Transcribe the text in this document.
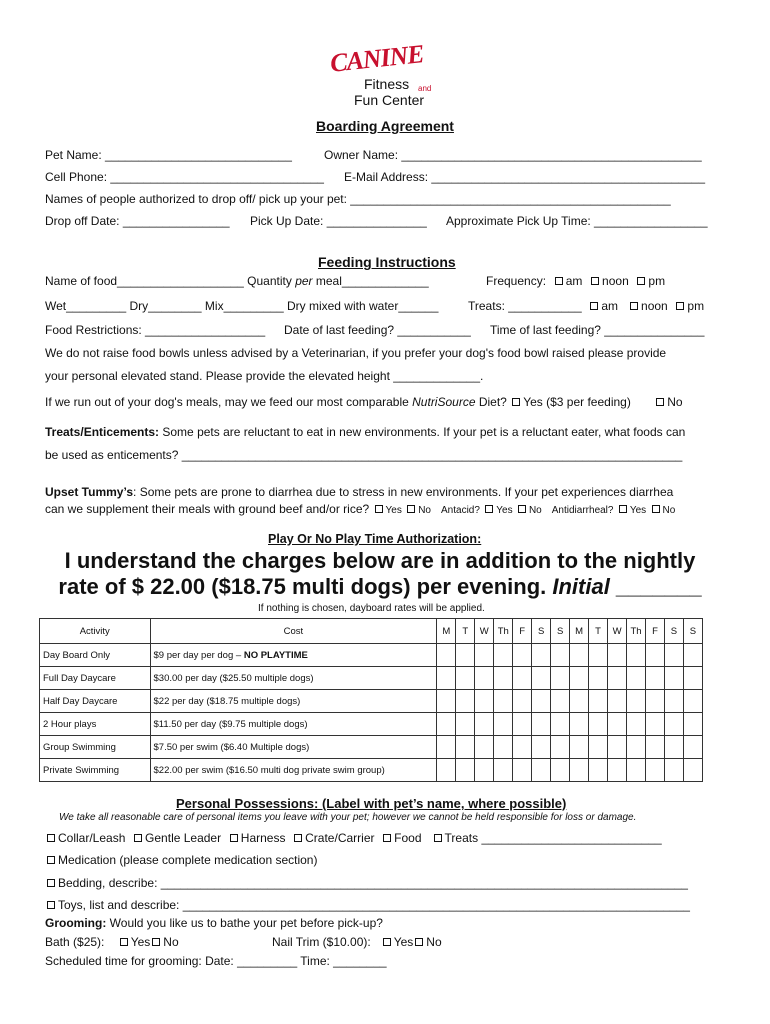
CANINE
Fitness and
Fun Center
Boarding Agreement
Pet Name: ____________________________	Owner Name: _____________________________________________
Cell Phone: ________________________________ E-Mail Address: _________________________________________
Names of people authorized to drop off/ pick up your pet: ________________________________________________
Drop off Date: ________________ Pick Up Date: _______________ Approximate Pick Up Time: _________________
Feeding Instructions
Name of food___________________ Quantity per meal_____________	Frequency: am noon pm
Wet_________ Dry________ Mix_________ Dry mixed with water______ Treats: ___________ am noon pm
Food Restrictions: __________________ Date of last feeding? ___________ Time of last feeding? _______________
We do not raise food bowls unless advised by a Veterinarian, if you prefer your dog's food bowl raised please provide
your personal elevated stand. Please provide the elevated height _____________.
If we run out of your dog's meals, may we feed our most comparable NutriSource Diet? Yes ($3 per feeding)	No
Treats/Enticements: Some pets are reluctant to eat in new environments. If your pet is a reluctant eater, what foods can
be used as enticements? ___________________________________________________________________________
Upset Tummy’s: Some pets are prone to diarrhea due to stress in new environments. If your pet experiences diarrhea
can we supplement their meals with ground beef and/or rice? Yes No Antacid? Yes No Antidiarrheal? Yes No
Play Or No Play Time Authorization:
I understand the charges below are in addition to the nightly
rate of $ 22.00 ($18.75 multi dogs) per evening. Initial _______
If nothing is chosen, dayboard rates will be applied.
Activity	Cost	M	T	W	Th	F	S	S	M	T	W	Th	F	S	S
Day Board Only	$9 per day per dog – NO PLAYTIME														
Full Day Daycare	$30.00 per day ($25.50 multiple dogs)														
Half Day Daycare	$22 per day ($18.75 multiple dogs)														
2 Hour plays	$11.50 per day ($9.75 multiple dogs)														
Group Swimming	$7.50 per swim ($6.40 Multiple dogs)														
Private Swimming	$22.00 per swim ($16.50 multi dog private swim group)														
Personal Possessions: (Label with pet’s name, where possible)
We take all reasonable care of personal items you leave with your pet; however we cannot be held responsible for loss or damage.
Collar/Leash Gentle Leader Harness Crate/Carrier Food Treats ___________________________
Medication (please complete medication section)
Bedding, describe: _______________________________________________________________________________
Toys, list and describe: ____________________________________________________________________________
Grooming: Would you like us to bathe your pet before pick-up?
Bath ($25): Yes No	Nail Trim ($10.00): Yes No
Scheduled time for grooming: Date: _________ Time: ________
